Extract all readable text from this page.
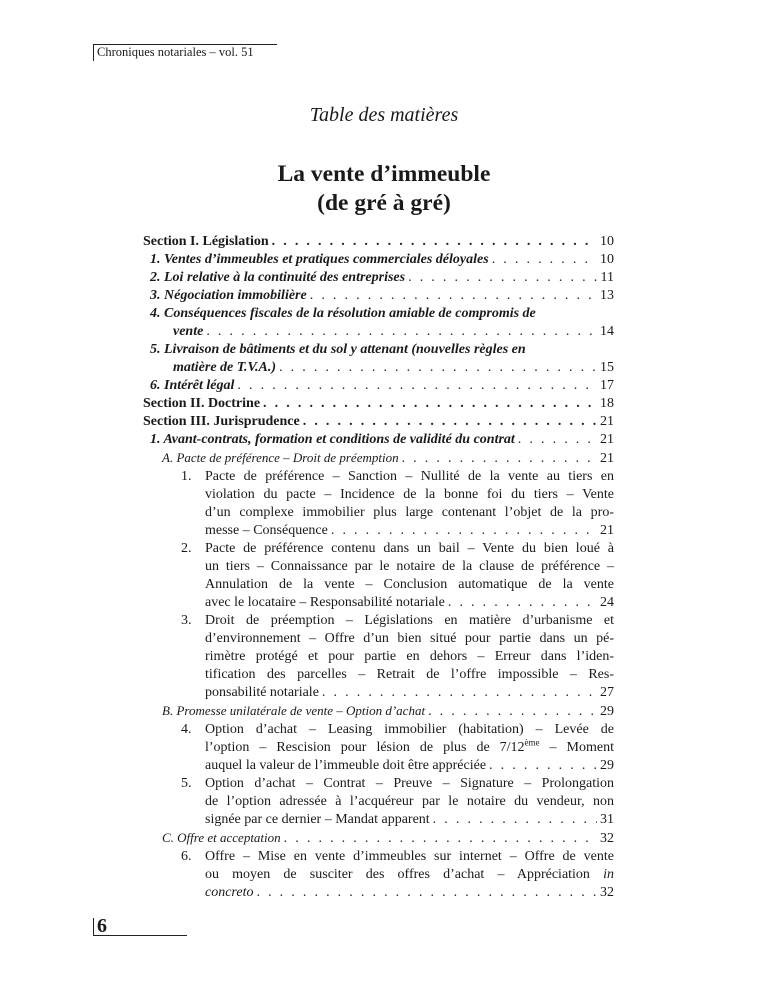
Chroniques notariales – vol. 51
Table des matières
La vente d’immeuble
(de gré à gré)
Section I. Législation . . .	10
1. Ventes d’immeubles et pratiques commerciales déloyales . . .	10
2. Loi relative à la continuité des entreprises . . .	11
3. Négociation immobilière . . .	13
4. Conséquences fiscales de la résolution amiable de compromis de
vente . . .	14
5. Livraison de bâtiments et du sol y attenant (nouvelles règles en
matière de T.V.A.) . . .	15
6. Intérêt légal . . .	17
Section II. Doctrine . . .	18
Section III. Jurisprudence . . .	21
1. Avant-contrats, formation et conditions de validité du contrat . . .	21
A. Pacte de préférence – Droit de préemption . . .	21
1. Pacte de préférence – Sanction – Nullité de la vente au tiers en
violation du pacte – Incidence de la bonne foi du tiers – Vente
d’un complexe immobilier plus large contenant l’objet de la pro-
messe – Conséquence . . .	21
2. Pacte de préférence contenu dans un bail – Vente du bien loué à
un tiers – Connaissance par le notaire de la clause de préférence –
Annulation de la vente – Conclusion automatique de la vente
avec le locataire – Responsabilité notariale . . .	24
3. Droit de préemption – Législations en matière d’urbanisme et
d’environnement – Offre d’un bien situé pour partie dans un pé-
rimètre protégé et pour partie en dehors – Erreur dans l’iden-
tification des parcelles – Retrait de l’offre impossible – Res-
ponsabilité notariale . . .	27
B. Promesse unilatérale de vente – Option d’achat . . .	29
4. Option d’achat – Leasing immobilier (habitation) – Levée de
l’option – Rescision pour lésion de plus de 7/12ème – Moment
auquel la valeur de l’immeuble doit être appréciée . . .	29
5. Option d’achat – Contrat – Preuve – Signature – Prolongation
de l’option adressée à l’acquéreur par le notaire du vendeur, non
signée par ce dernier – Mandat apparent . . .	31
C. Offre et acceptation . . .	32
6. Offre – Mise en vente d’immeubles sur internet – Offre de vente
ou moyen de susciter des offres d’achat – Appréciation in
concreto . . .	32
6
